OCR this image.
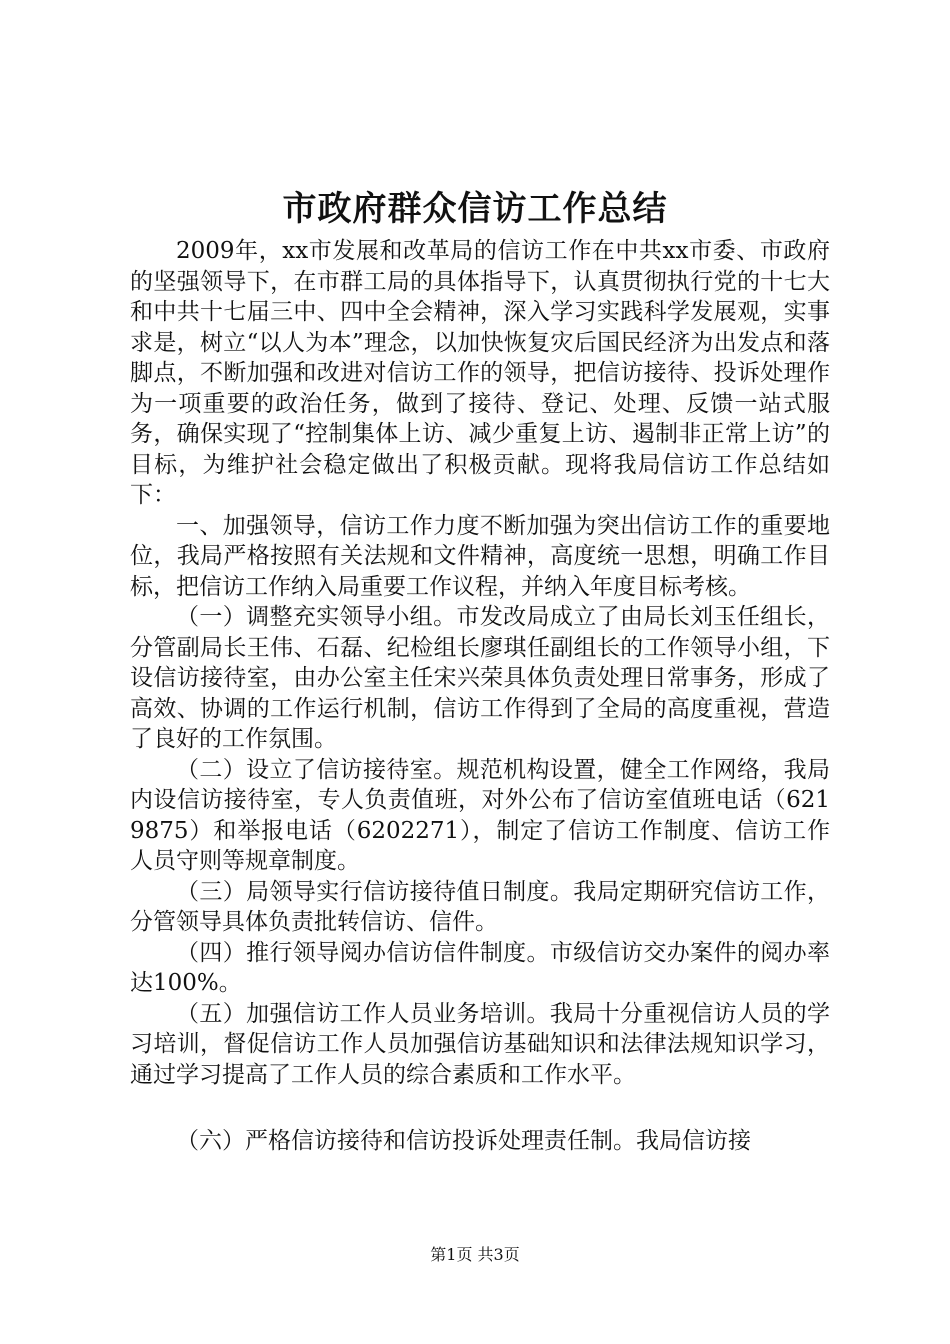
市政府群众信访工作总结

2009年，xx市发展和改革局的信访工作在中共xx市委、市政府的坚强领导下，在市群工局的具体指导下，认真贯彻执行党的十七大和中共十七届三中、四中全会精神，深入学习实践科学发展观，实事求是，树立“以人为本”理念，以加快恢复灾后国民经济为出发点和落脚点，不断加强和改进对信访工作的领导，把信访接待、投诉处理作为一项重要的政治任务，做到了接待、登记、处理、反馈一站式服务，确保实现了“控制集体上访、减少重复上访、遏制非正常上访”的目标，为维护社会稳定做出了积极贡献。现将我局信访工作总结如下：

一、加强领导，信访工作力度不断加强为突出信访工作的重要地位，我局严格按照有关法规和文件精神，高度统一思想，明确工作目标，把信访工作纳入局重要工作议程，并纳入年度目标考核。

（一）调整充实领导小组。市发改局成立了由局长刘玉任组长，分管副局长王伟、石磊、纪检组长廖琪任副组长的工作领导小组，下设信访接待室，由办公室主任宋兴荣具体负责处理日常事务，形成了高效、协调的工作运行机制，信访工作得到了全局的高度重视，营造了良好的工作氛围。

（二）设立了信访接待室。规范机构设置，健全工作网络，我局内设信访接待室，专人负责值班，对外公布了信访室值班电话（6219875）和举报电话（6202271），制定了信访工作制度、信访工作人员守则等规章制度。

（三）局领导实行信访接待值日制度。我局定期研究信访工作，分管领导具体负责批转信访、信件。

（四）推行领导阅办信访信件制度。市级信访交办案件的阅办率达100%。

（五）加强信访工作人员业务培训。我局十分重视信访人员的学习培训，督促信访工作人员加强信访基础知识和法律法规知识学习，通过学习提高了工作人员的综合素质和工作水平。

（六）严格信访接待和信访投诉处理责任制。我局信访接

第1页 共3页
